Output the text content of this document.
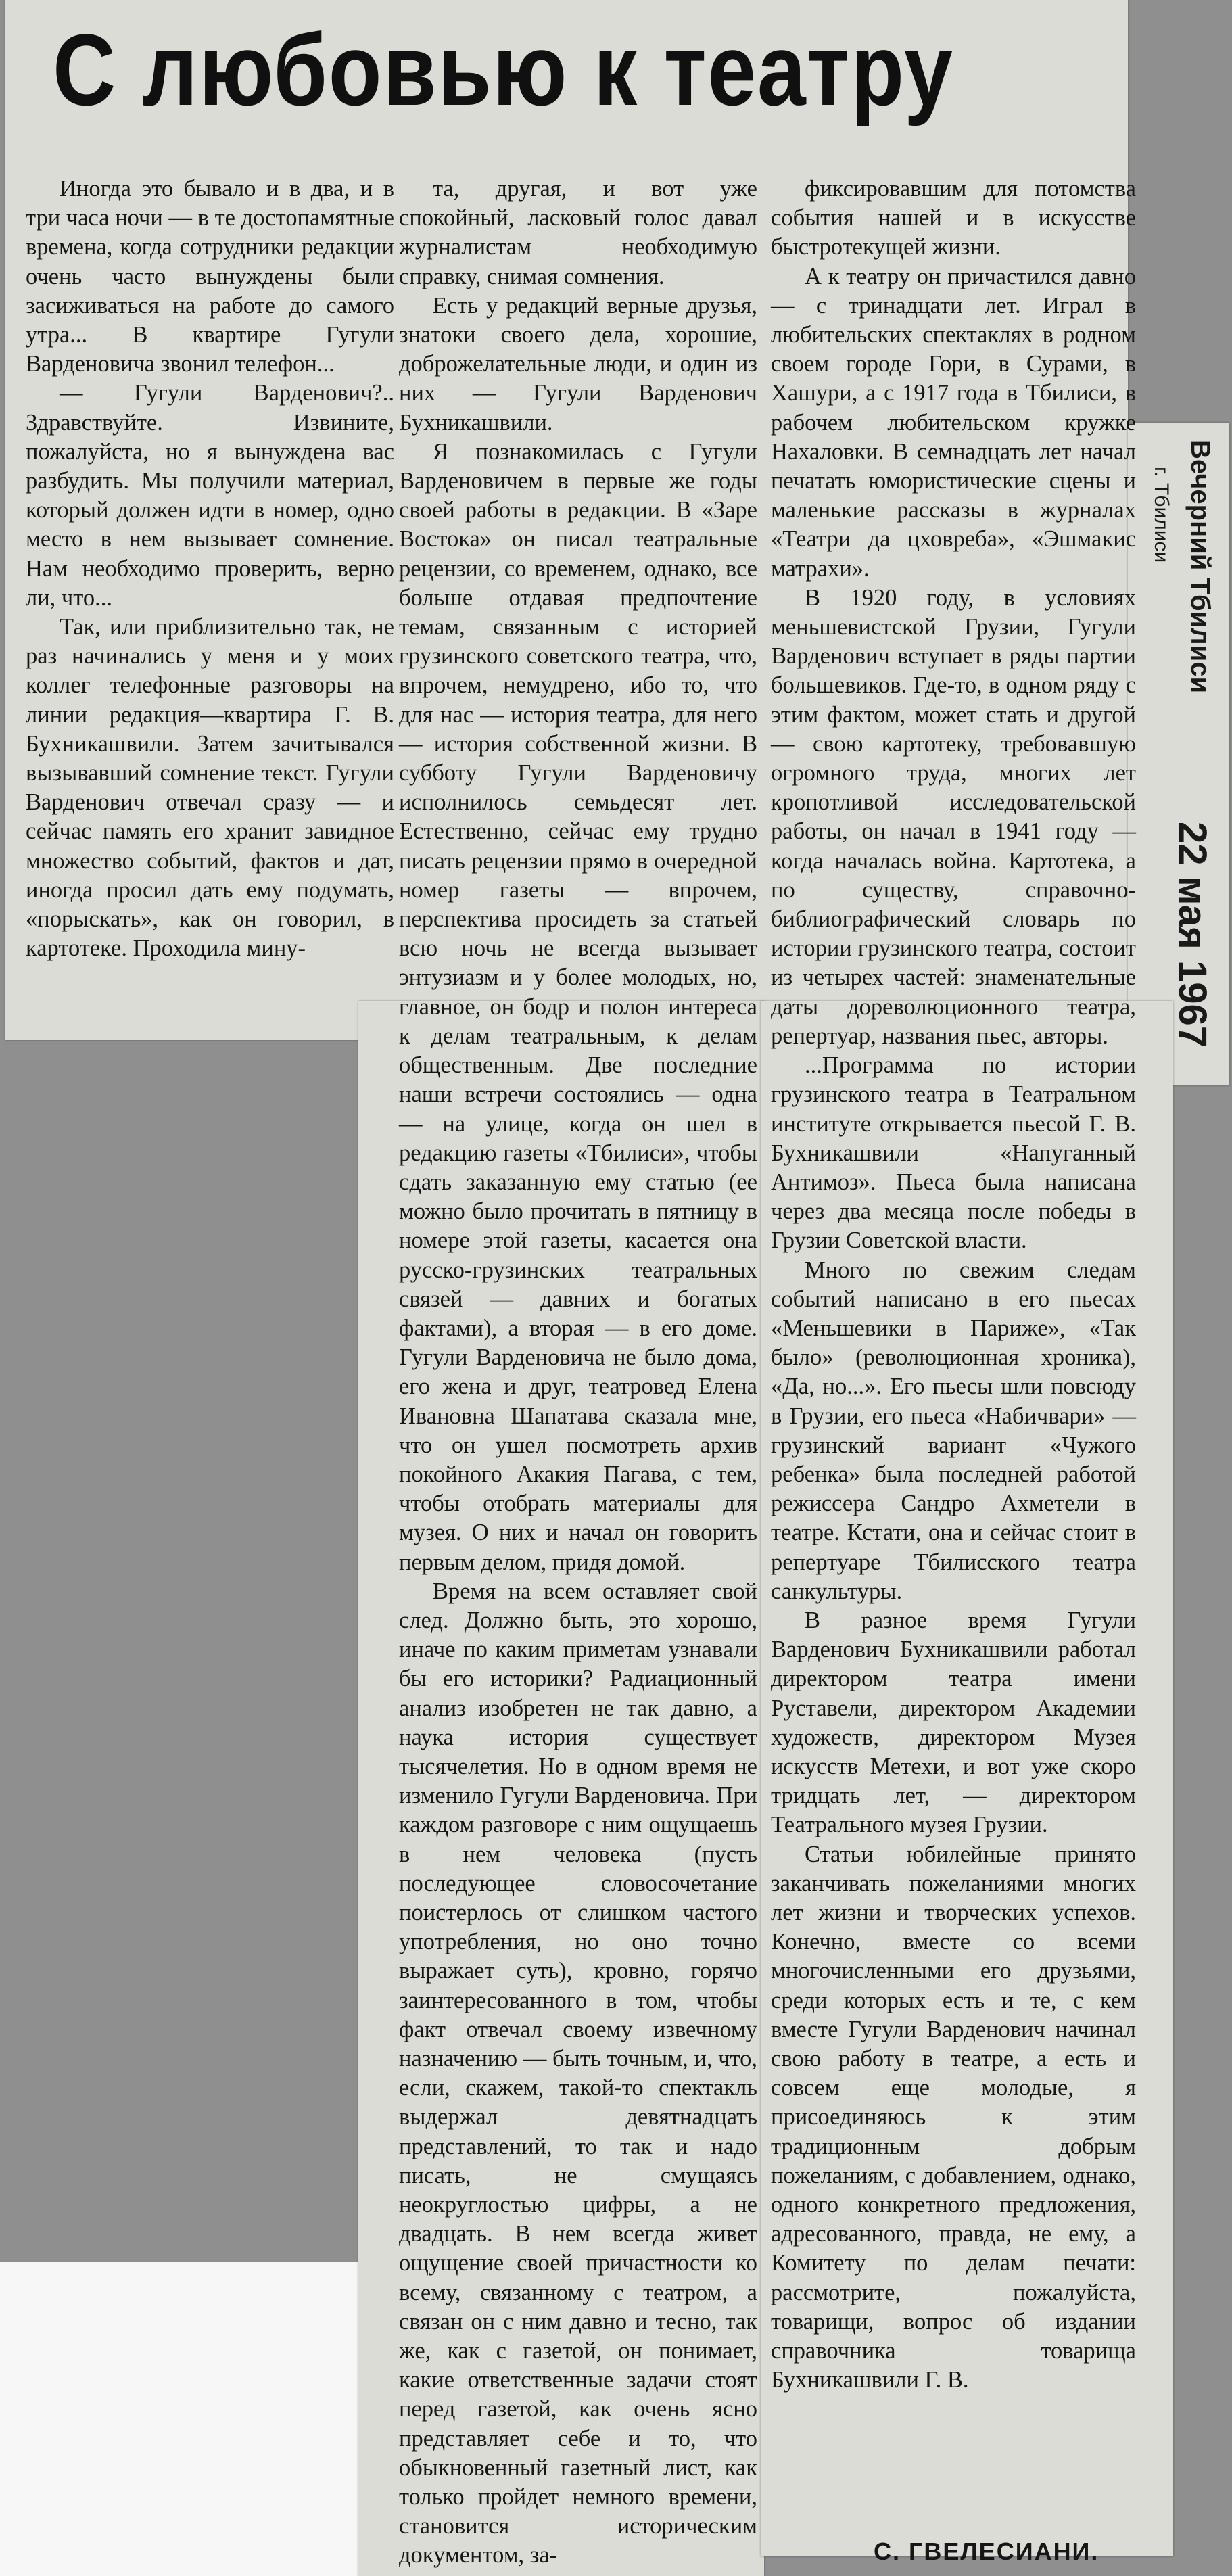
С любовью к театру

Иногда это бывало и в два, и в три часа ночи — в те достопамятные времена, когда сотрудники редакции очень часто вынуждены были засиживаться на работе до самого утра... В квартире Гугули Варденовича звонил телефон...

— Гугули Варденович?.. Здравствуйте. Извините, пожалуйста, но я вынуждена вас разбудить. Мы получили материал, который должен идти в номер, одно место в нем вызывает сомнение. Нам необходимо проверить, верно ли, что...

Так, или приблизительно так, не раз начинались у меня и у моих коллег телефонные разговоры на линии редакция—квартира Г. В. Бухникашвили. Затем зачитывался вызывавший сомнение текст. Гугули Варденович отвечал сразу — и сейчас память его хранит завидное множество событий, фактов и дат, иногда просил дать ему подумать, «порыскать», как он говорил, в картотеке. Проходила мину-

та, другая, и вот уже спокойный, ласковый голос давал журналистам необходимую справку, снимая сомнения.

Есть у редакций верные друзья, знатоки своего дела, хорошие, доброжелательные люди, и один из них — Гугули Варденович Бухникашвили.

Я познакомилась с Гугули Варденовичем в первые же годы своей работы в редакции. В «Заре Востока» он писал театральные рецензии, со временем, однако, все больше отдавая предпочтение темам, связанным с историей грузинского советского театра, что, впрочем, немудрено, ибо то, что для нас — история театра, для него — история собственной жизни. В субботу Гугули Варденовичу исполнилось семьдесят лет. Естественно, сейчас ему трудно писать рецензии прямо в очередной номер газеты — впрочем, перспектива просидеть за статьей всю ночь не всегда вызывает энтузиазм и у более молодых, но, главное, он бодр и полон интереса к делам театральным, к делам общественным. Две последние наши встречи состоялись — одна — на улице, когда он шел в редакцию газеты «Тбилиси», чтобы сдать заказанную ему статью (ее можно было прочитать в пятницу в номере этой газеты, касается она русско-грузинских театральных связей — давних и богатых фактами), а вторая — в его доме. Гугули Варденовича не было дома, его жена и друг, театровед Елена Ивановна Шапатава сказала мне, что он ушел посмотреть архив покойного Акакия Пагава, с тем, чтобы отобрать материалы для музея. О них и начал он говорить первым делом, придя домой.

Время на всем оставляет свой след. Должно быть, это хорошо, иначе по каким приметам узнавали бы его историки? Радиационный анализ изобретен не так давно, а наука история существует тысячелетия. Но в одном время не изменило Гугули Варденовича. При каждом разговоре с ним ощущаешь в нем человека (пусть последующее словосочетание поистерлось от слишком частого употребления, но оно точно выражает суть), кровно, горячо заинтересованного в том, чтобы факт отвечал своему извечному назначению — быть точным, и, что, если, скажем, такой-то спектакль выдержал девятнадцать представлений, то так и надо писать, не смущаясь неокруглостью цифры, а не двадцать. В нем всегда живет ощущение своей причастности ко всему, связанному с театром, а связан он с ним давно и тесно, так же, как с газетой, он понимает, какие ответственные задачи стоят перед газетой, как очень ясно представляет себе и то, что обыкновенный газетный лист, как только пройдет немного времени, становится историческим документом, за-

фиксировавшим для потомства события нашей и в искусстве быстротекущей жизни.

А к театру он причастился давно — с тринадцати лет. Играл в любительских спектаклях в родном своем городе Гори, в Сурами, в Хашури, а с 1917 года в Тбилиси, в рабочем любительском кружке Нахаловки. В семнадцать лет начал печатать юмористические сцены и маленькие рассказы в журналах «Театри да цховреба», «Эшмакис матрахи».

В 1920 году, в условиях меньшевистской Грузии, Гугули Варденович вступает в ряды партии большевиков. Где-то, в одном ряду с этим фактом, может стать и другой — свою картотеку, требовавшую огромного труда, многих лет кропотливой исследовательской работы, он начал в 1941 году — когда началась война. Картотека, а по существу, справочно-библиографический словарь по истории грузинского театра, состоит из четырех частей: знаменательные даты дореволюционного театра, репертуар, названия пьес, авторы.

...Программа по истории грузинского театра в Театральном институте открывается пьесой Г. В. Бухникашвили «Напуганный Антимоз». Пьеса была написана через два месяца после победы в Грузии Советской власти.

Много по свежим следам событий написано в его пьесах «Меньшевики в Париже», «Так было» (революционная хроника), «Да, но...». Его пьесы шли повсюду в Грузии, его пьеса «Набичвари» — грузинский вариант «Чужого ребенка» была последней работой режиссера Сандро Ахметели в театре. Кстати, она и сейчас стоит в репертуаре Тбилисского театра санкультуры.

В разное время Гугули Варденович Бухникашвили работал директором театра имени Руставели, директором Академии художеств, директором Музея искусств Метехи, и вот уже скоро тридцать лет, — директором Театрального музея Грузии.

Статьи юбилейные принято заканчивать пожеланиями многих лет жизни и творческих успехов. Конечно, вместе со всеми многочисленными его друзьями, среди которых есть и те, с кем вместе Гугули Варденович начинал свою работу в театре, а есть и совсем еще молодые, я присоединяюсь к этим традиционным добрым пожеланиям, с добавлением, однако, одного конкретного предложения, адресованного, правда, не ему, а Комитету по делам печати: рассмотрите, пожалуйста, товарищи, вопрос об издании справочника товарища Бухникашвили Г. В.

Вечерний Тбилиси
г. Тбилиси
22 мая 1967
С. ГВЕЛЕСИАНИ.
